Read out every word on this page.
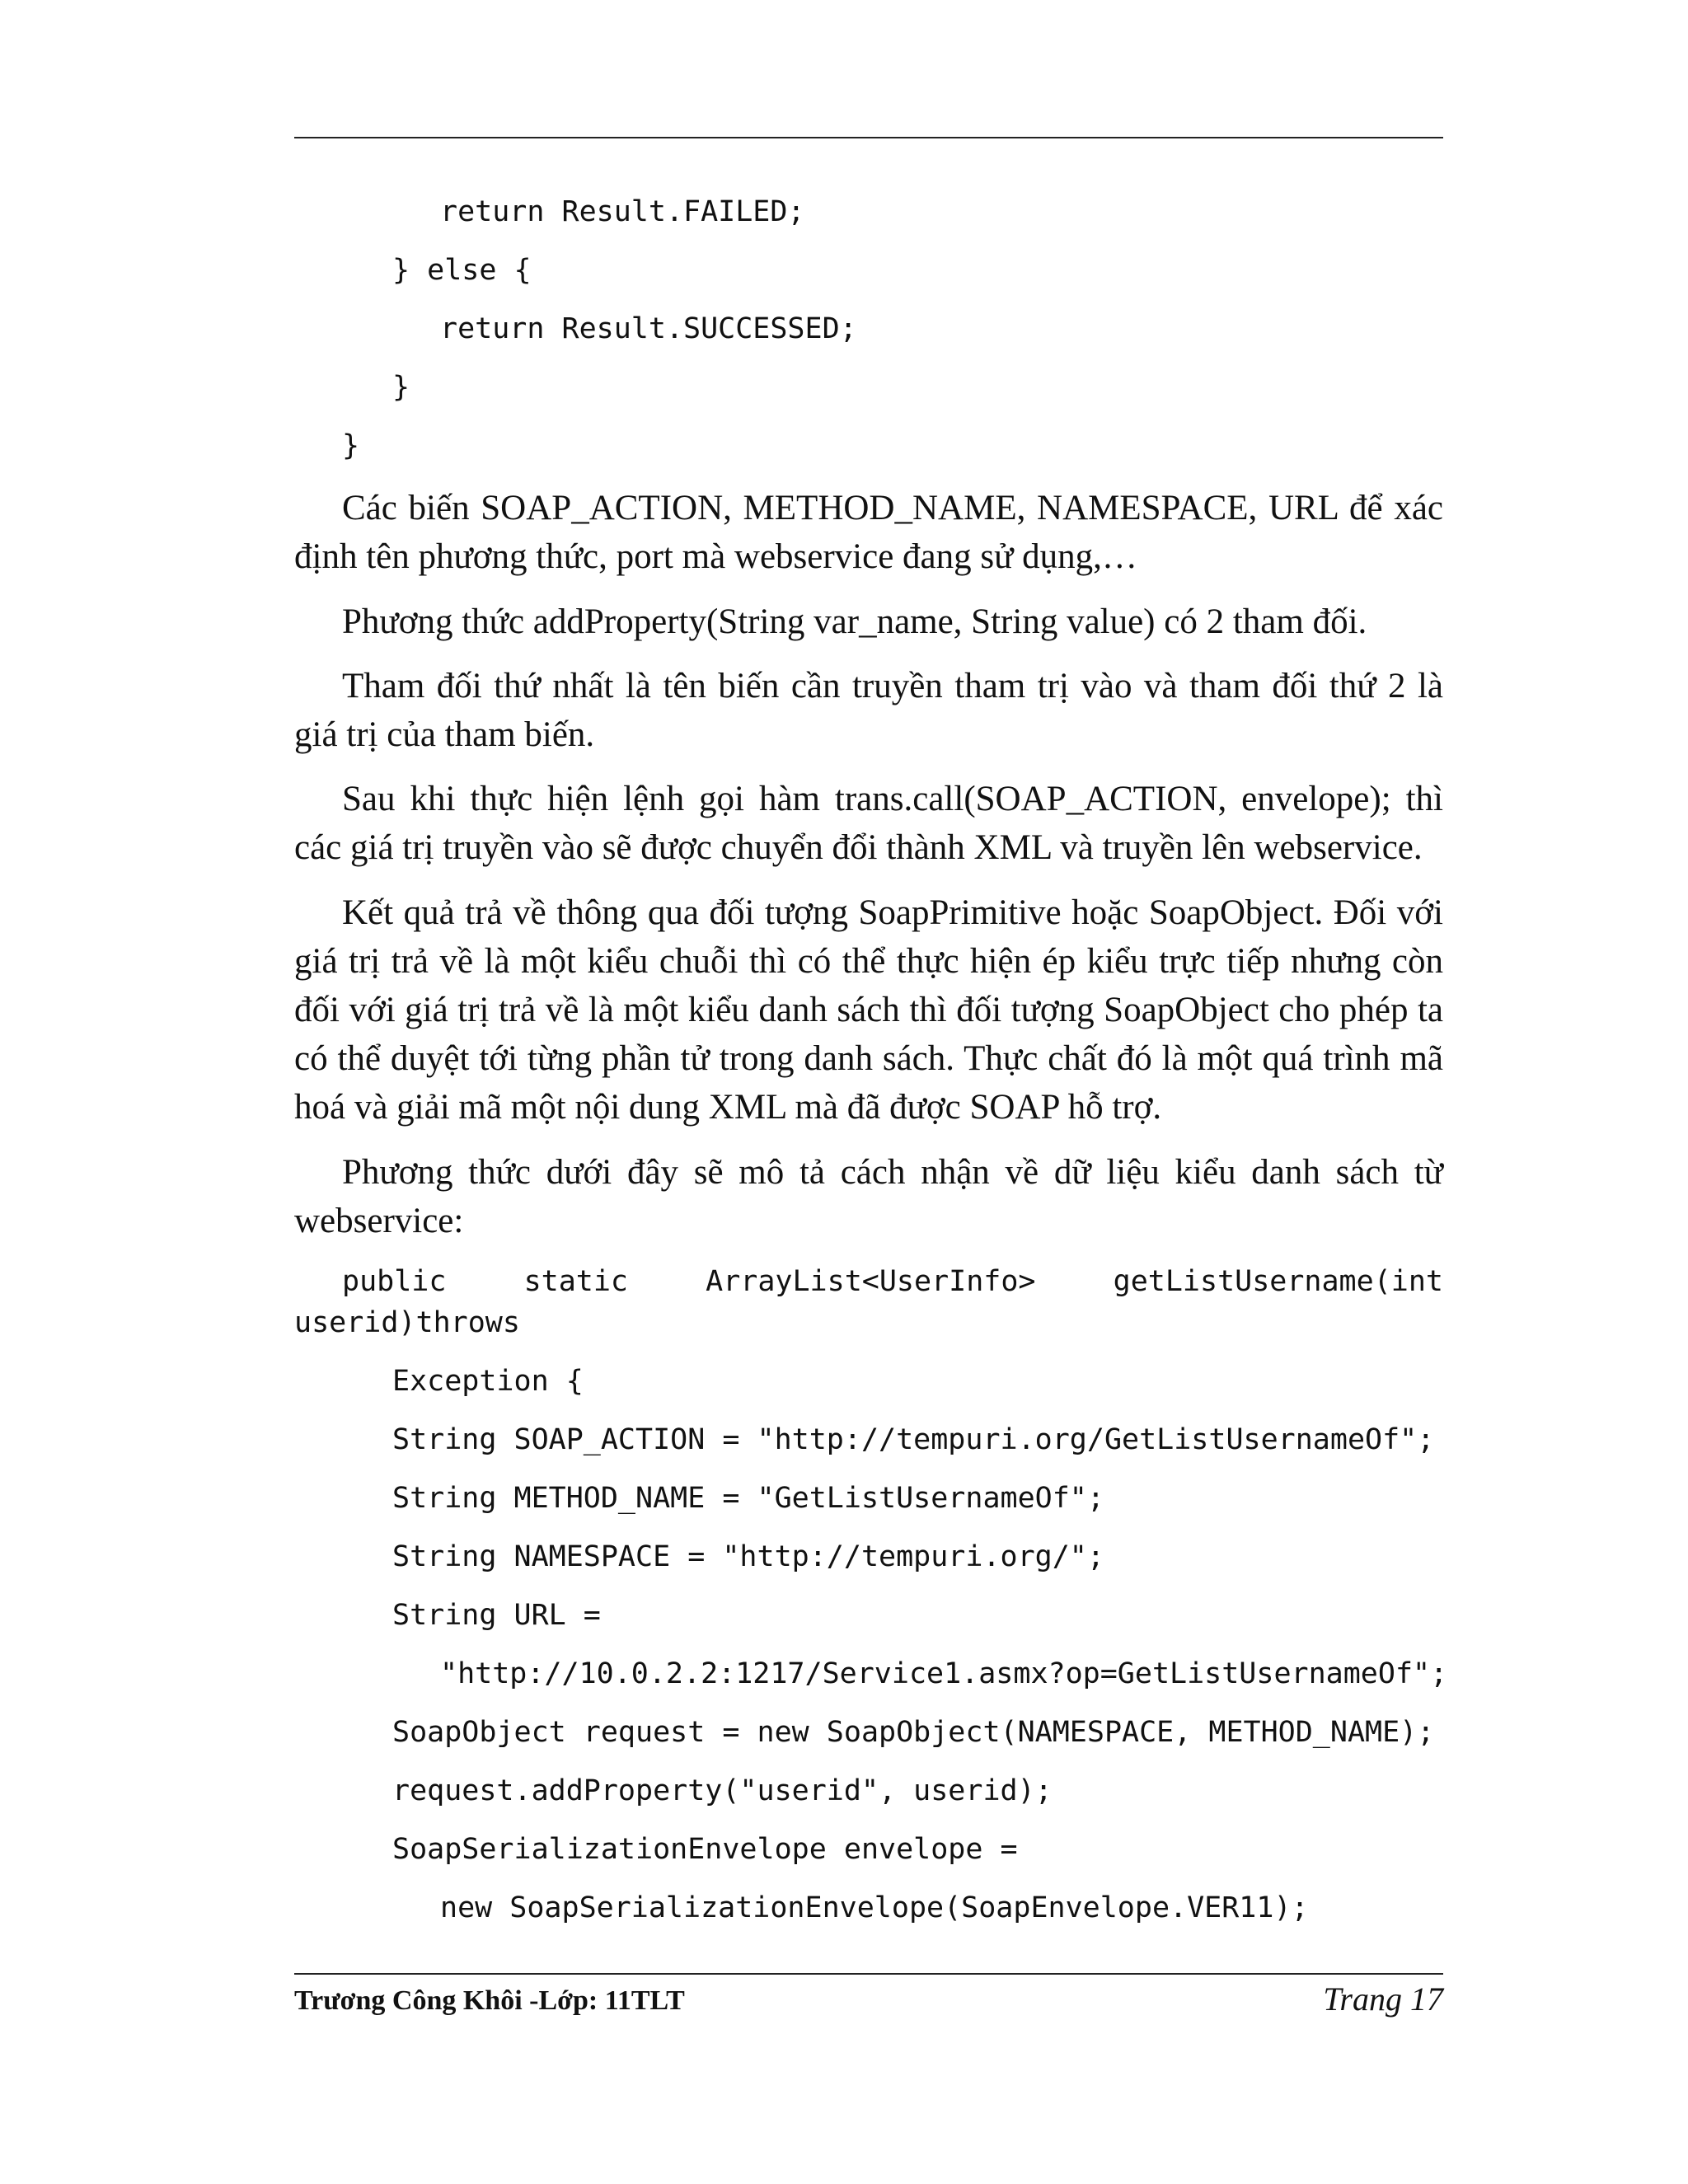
return Result.FAILED;
} else {
return Result.SUCCESSED;
}
}

Các biến SOAP_ACTION, METHOD_NAME, NAMESPACE, URL để xác định tên phương thức, port mà webservice đang sử dụng,…

Phương thức addProperty(String var_name, String value) có 2 tham đối.

Tham đối thứ nhất là tên biến cần truyền tham trị vào và tham đối thứ 2 là giá trị của tham biến.

Sau khi thực hiện lệnh gọi hàm trans.call(SOAP_ACTION, envelope); thì các giá trị truyền vào sẽ được chuyển đổi thành XML và truyền lên webservice.

Kết quả trả về thông qua đối tượng SoapPrimitive hoặc SoapObject. Đối với giá trị trả về là một kiểu chuỗi thì có thể thực hiện ép kiểu trực tiếp nhưng còn đối với giá trị trả về là một kiểu danh sách thì đối tượng SoapObject cho phép ta có thể duyệt tới từng phần tử trong danh sách. Thực chất đó là một quá trình mã hoá và giải mã một nội dung XML mà đã được SOAP hỗ trợ.

Phương thức dưới đây sẽ mô tả cách nhận về dữ liệu kiểu danh sách từ webservice:

public static ArrayList<UserInfo> getListUsername(int userid)throws

Exception {
String SOAP_ACTION = "http://tempuri.org/GetListUsernameOf";
String METHOD_NAME = "GetListUsernameOf";
String NAMESPACE = "http://tempuri.org/";
String URL =
"http://10.0.2.2:1217/Service1.asmx?op=GetListUsernameOf";
SoapObject request = new SoapObject(NAMESPACE, METHOD_NAME);
request.addProperty("userid", userid);
SoapSerializationEnvelope envelope =
new SoapSerializationEnvelope(SoapEnvelope.VER11);
Trương Công Khôi -Lớp: 11TLT	Trang 17
